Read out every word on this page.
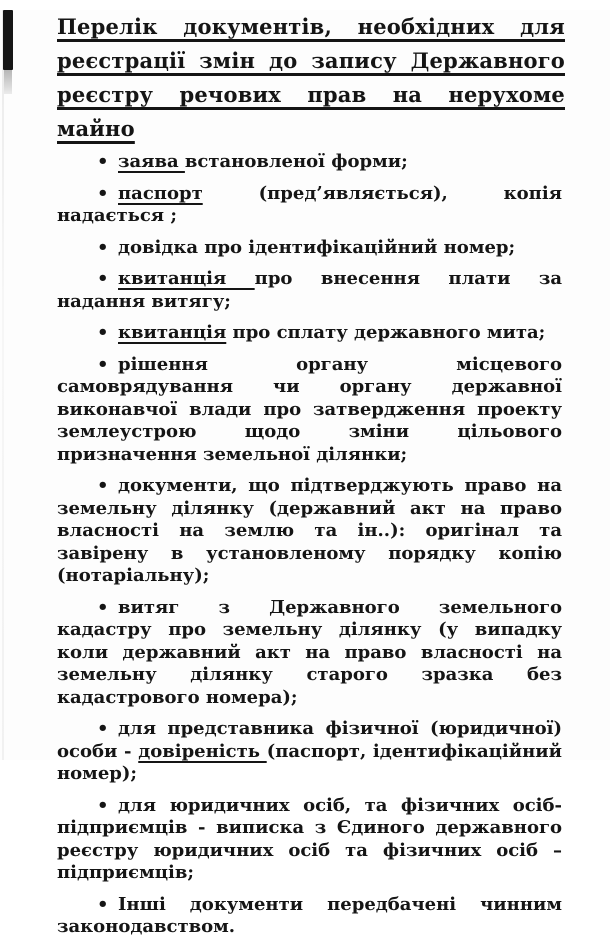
Перелік документів, необхідних для
реєстрації змін до запису Державного
реєстру речових прав на нерухоме майно

• заява встановленої форми;

• паспорт (пред’являється), копія надається ;

• довідка про ідентифікаційний номер;

• квитанція про внесення плати за надання витягу;

• квитанція про сплату державного мита;

• рішення органу місцевого самоврядування чи органу державної виконавчої влади про затвердження проекту землеустрою щодо зміни цільового призначення земельної ділянки;

• документи, що підтверджують право на земельну ділянку (державний акт на право власності на землю та ін..): оригінал та завірену в установленому порядку копію (нотаріальну);

• витяг з Державного земельного кадастру про земельну ділянку (у випадку коли державний акт на право власності на земельну ділянку старого зразка без кадастрового номера);

• для представника фізичної (юридичної) особи - довіреність (паспорт, ідентифікаційний номер);

• для юридичних осіб, та фізичних осіб-підприємців - виписка з Єдиного державного реєстру юридичних осіб та фізичних осіб – підприємців;

• Інші документи передбачені чинним законодавством.
